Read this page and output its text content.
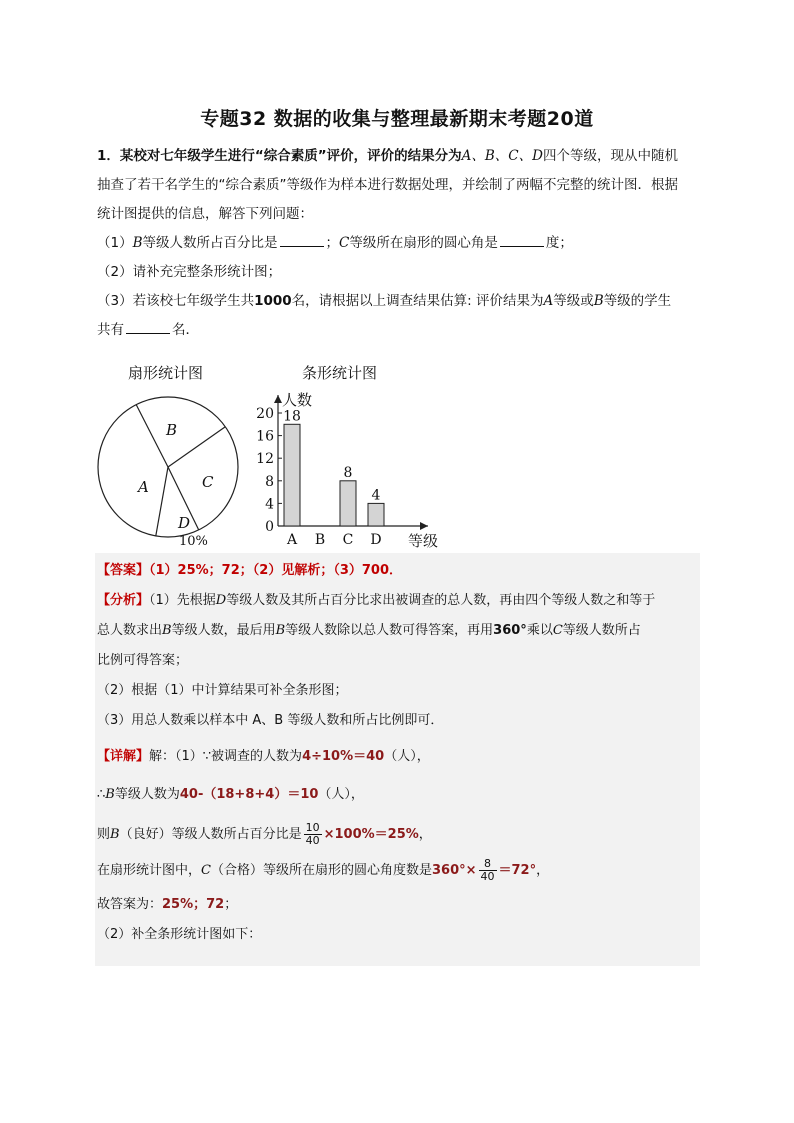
专题32 数据的收集与整理最新期末考题20道
1．某校对七年级学生进行“综合素质”评价，评价的结果分为A、B、C、D四个等级，现从中随机
抽查了若干名学生的“综合素质”等级作为样本进行数据处理，并绘制了两幅不完整的统计图．根据
统计图提供的信息，解答下列问题：
（1）B等级人数所占百分比是	；C等级所在扇形的圆心角是	度；
（2）请补充完整条形统计图；
（3）若该校七年级学生共1000名，请根据以上调查结果估算: 评价结果为A等级或B等级的学生
共有	名．
扇形统计图	条形统计图
A
B
C
D
10%
人数
等级
0
4
8
12
16
20
A
18
B C
8
D
4
【答案】（1）25%；72；（2）见解析；（3）700．
【分析】（1）先根据D等级人数及其所占百分比求出被调查的总人数，再由四个等级人数之和等于
总人数求出B等级人数，最后用B等级人数除以总人数可得答案，再用360°乘以C等级人数所占
比例可得答案；
（2）根据（1）中计算结果可补全条形图；
（3）用总人数乘以样本中 A、B 等级人数和所占比例即可．
【详解】解：（1）∵被调查的人数为4÷10%＝40（人），
∴B等级人数为40-（18+8+4）＝10（人），
则B（良好）等级人数所占百分比是 $\frac{10}{40} \times 100\%=25\%$，
在扇形统计图中，C（合格）等级所在扇形的圆心角度数是$360^\circ\times \frac{8}{40} =72^\circ$，
故答案为：25%；72；
（2）补全条形统计图如下：
